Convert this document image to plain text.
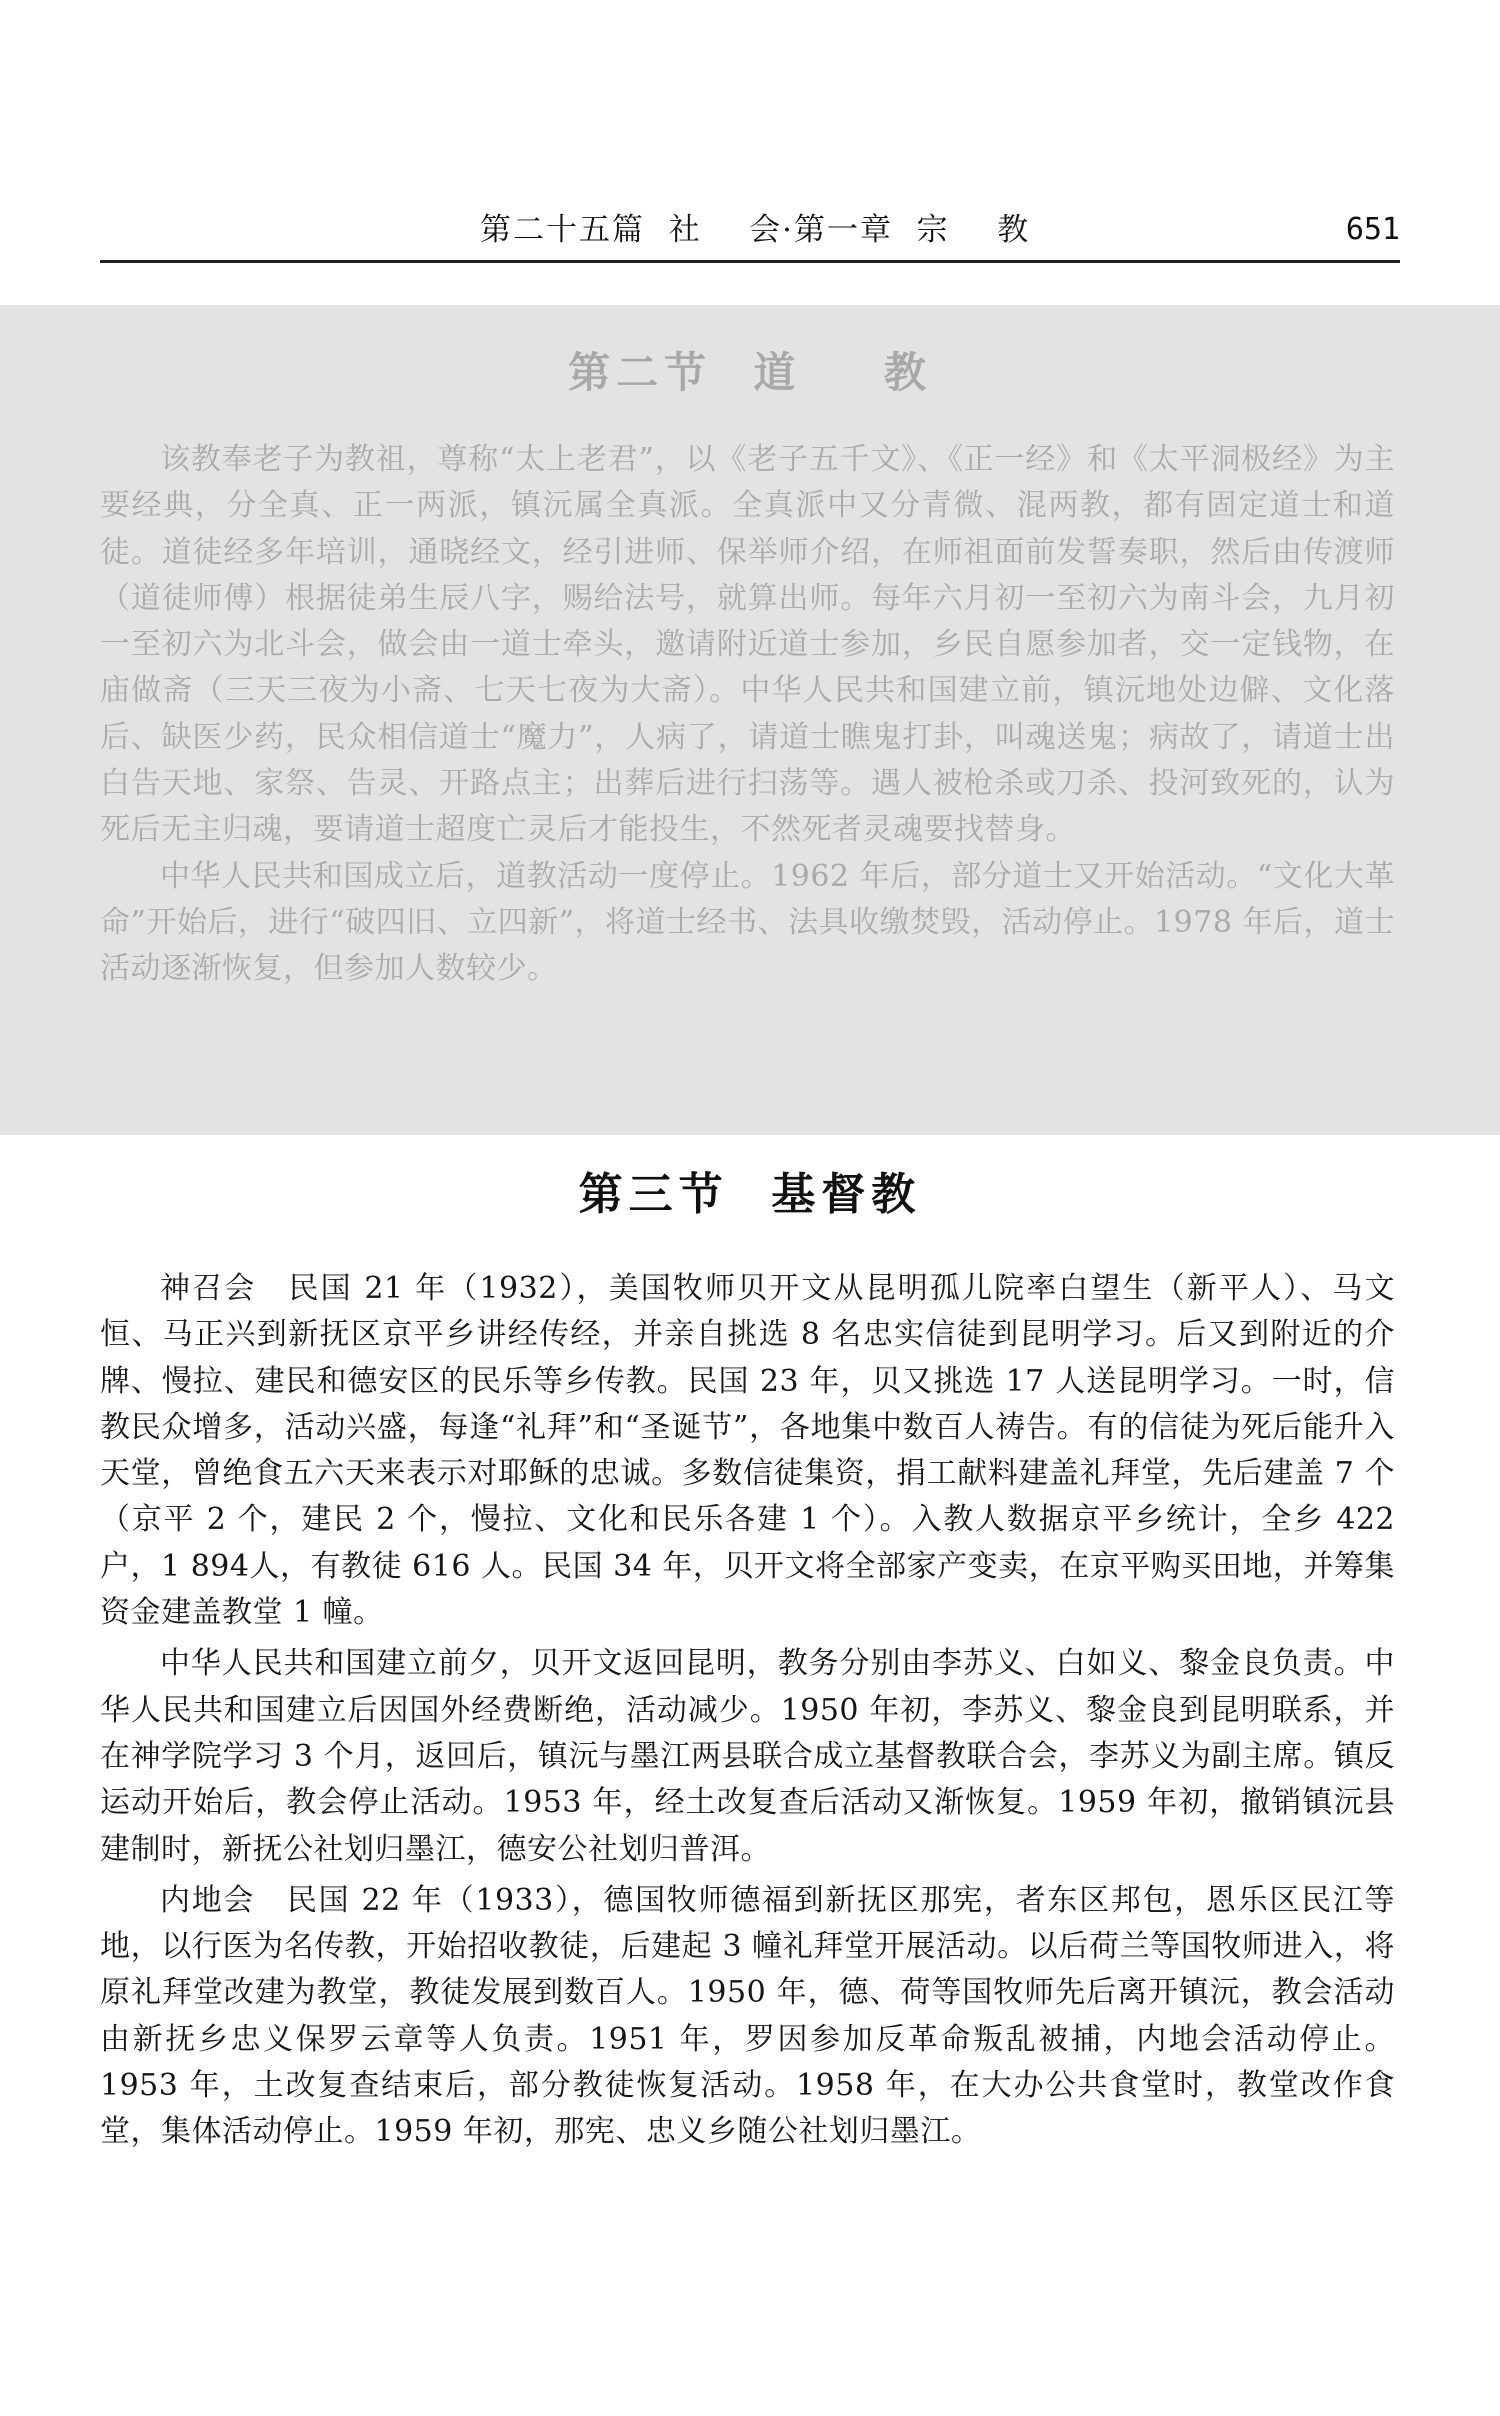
第二十五篇  社    会·第一章  宗    教	651
第二节  道    教

该教奉老子为教祖，尊称“太上老君”，以《老子五千文》、《正一经》和《太平洞极经》为主要经典，分全真、正一两派，镇沅属全真派。全真派中又分青微、混两教，都有固定道士和道徒。道徒经多年培训，通晓经文，经引进师、保举师介绍，在师祖面前发誓奏职，然后由传渡师（道徒师傅）根据徒弟生辰八字，赐给法号，就算出师。每年六月初一至初六为南斗会，九月初一至初六为北斗会，做会由一道士牵头，邀请附近道士参加，乡民自愿参加者，交一定钱物，在庙做斋（三天三夜为小斋、七天七夜为大斋）。中华人民共和国建立前，镇沅地处边僻、文化落后、缺医少药，民众相信道士“魔力”，人病了，请道士瞧鬼打卦，叫魂送鬼；病故了，请道士出白告天地、家祭、告灵、开路点主；出葬后进行扫荡等。遇人被枪杀或刀杀、投河致死的，认为死后无主归魂，要请道士超度亡灵后才能投生，不然死者灵魂要找替身。

中华人民共和国成立后，道教活动一度停止。1962 年后，部分道士又开始活动。“文化大革命”开始后，进行“破四旧、立四新”，将道士经书、法具收缴焚毁，活动停止。1978 年后，道士活动逐渐恢复，但参加人数较少。

第三节  基督教

神召会　民国 21 年（1932），美国牧师贝开文从昆明孤儿院率白望生（新平人）、马文恒、马正兴到新抚区京平乡讲经传经，并亲自挑选 8 名忠实信徒到昆明学习。后又到附近的介牌、慢拉、建民和德安区的民乐等乡传教。民国 23 年，贝又挑选 17 人送昆明学习。一时，信教民众增多，活动兴盛，每逢“礼拜”和“圣诞节”，各地集中数百人祷告。有的信徒为死后能升入天堂，曾绝食五六天来表示对耶稣的忠诚。多数信徒集资，捐工献料建盖礼拜堂，先后建盖 7 个（京平 2 个，建民 2 个，慢拉、文化和民乐各建 1 个）。入教人数据京平乡统计，全乡 422 户，1 894人，有教徒 616 人。民国 34 年，贝开文将全部家产变卖，在京平购买田地，并筹集资金建盖教堂 1 幢。

中华人民共和国建立前夕，贝开文返回昆明，教务分别由李苏义、白如义、黎金良负责。中华人民共和国建立后因国外经费断绝，活动减少。1950 年初，李苏义、黎金良到昆明联系，并在神学院学习 3 个月，返回后，镇沅与墨江两县联合成立基督教联合会，李苏义为副主席。镇反运动开始后，教会停止活动。1953 年，经土改复查后活动又渐恢复。1959 年初，撤销镇沅县建制时，新抚公社划归墨江，德安公社划归普洱。

内地会　民国 22 年（1933），德国牧师德福到新抚区那宪，者东区邦包，恩乐区民江等地，以行医为名传教，开始招收教徒，后建起 3 幢礼拜堂开展活动。以后荷兰等国牧师进入，将原礼拜堂改建为教堂，教徒发展到数百人。1950 年，德、荷等国牧师先后离开镇沅，教会活动由新抚乡忠义保罗云章等人负责。1951 年，罗因参加反革命叛乱被捕，内地会活动停止。1953 年，土改复查结束后，部分教徒恢复活动。1958 年，在大办公共食堂时，教堂改作食堂，集体活动停止。1959 年初，那宪、忠义乡随公社划归墨江。
